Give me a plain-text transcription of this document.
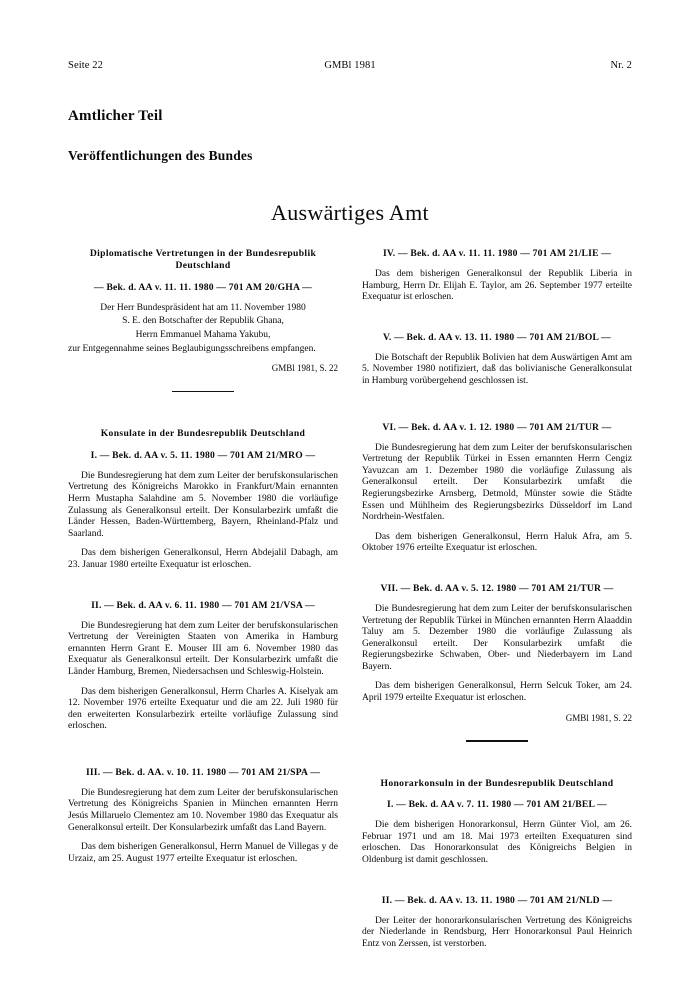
Seite 22	GMBl 1981	Nr. 2
Amtlicher Teil
Veröffentlichungen des Bundes
Auswärtiges Amt
Diplomatische Vertretungen in der Bundesrepublik Deutschland
— Bek. d. AA v. 11. 11. 1980 — 701 AM 20/GHA —

Der Herr Bundespräsident hat am 11. November 1980

S. E. den Botschafter der Republik Ghana,

Herrn Emmanuel Mahama Yakubu,

zur Entgegennahme seines Beglaubigungsschreibens empfangen.

GMBl 1981, S. 22

Konsulate in der Bundesrepublik Deutschland
I. — Bek. d. AA v. 5. 11. 1980 — 701 AM 21/MRO —

Die Bundesregierung hat dem zum Leiter der berufskonsularischen Vertretung des Königreichs Marokko in Frankfurt/Main ernannten Herrn Mustapha Salahdine am 5. November 1980 die vorläufige Zulassung als Generalkonsul erteilt. Der Konsularbezirk umfaßt die Länder Hessen, Baden-Württemberg, Bayern, Rheinland-Pfalz und Saarland.

Das dem bisherigen Generalkonsul, Herrn Abdejalil Dabagh, am 23. Januar 1980 erteilte Exequatur ist erloschen.

II. — Bek. d. AA v. 6. 11. 1980 — 701 AM 21/VSA —

Die Bundesregierung hat dem zum Leiter der berufskonsularischen Vertretung der Vereinigten Staaten von Amerika in Hamburg ernannten Herrn Grant E. Mouser III am 6. November 1980 das Exequatur als Generalkonsul erteilt. Der Konsularbezirk umfaßt die Länder Hamburg, Bremen, Niedersachsen und Schleswig-Holstein.

Das dem bisherigen Generalkonsul, Herrn Charles A. Kiselyak am 12. November 1976 erteilte Exequatur und die am 22. Juli 1980 für den erweiterten Konsularbezirk erteilte vorläufige Zulassung sind erloschen.

III. — Bek. d. AA. v. 10. 11. 1980 — 701 AM 21/SPA —

Die Bundesregierung hat dem zum Leiter der berufskonsularischen Vertretung des Königreichs Spanien in München ernannten Herrn Jesús Millaruelo Clementez am 10. November 1980 das Exequatur als Generalkonsul erteilt. Der Konsularbezirk umfaßt das Land Bayern.

Das dem bisherigen Generalkonsul, Herrn Manuel de Villegas y de Urzaiz, am 25. August 1977 erteilte Exequatur ist erloschen.

IV. — Bek. d. AA v. 11. 11. 1980 — 701 AM 21/LIE —

Das dem bisherigen Generalkonsul der Republik Liberia in Hamburg, Herrn Dr. Elijah E. Taylor, am 26. September 1977 erteilte Exequatur ist erloschen.

V. — Bek. d. AA v. 13. 11. 1980 — 701 AM 21/BOL —

Die Botschaft der Republik Bolivien hat dem Auswärtigen Amt am 5. November 1980 notifiziert, daß das bolivianische Generalkonsulat in Hamburg vorübergehend geschlossen ist.

VI. — Bek. d. AA v. 1. 12. 1980 — 701 AM 21/TUR —

Die Bundesregierung hat dem zum Leiter der berufskonsularischen Vertretung der Republik Türkei in Essen ernannten Herrn Cengiz Yavuzcan am 1. Dezember 1980 die vorläufige Zulassung als Generalkonsul erteilt. Der Konsularbezirk umfaßt die Regierungsbezirke Arnsberg, Detmold, Münster sowie die Städte Essen und Mühlheim des Regierungsbezirks Düsseldorf im Land Nordrhein-Westfalen.

Das dem bisherigen Generalkonsul, Herrn Haluk Afra, am 5. Oktober 1976 erteilte Exequatur ist erloschen.

VII. — Bek. d. AA v. 5. 12. 1980 — 701 AM 21/TUR —

Die Bundesregierung hat dem zum Leiter der berufskonsularischen Vertretung der Republik Türkei in München ernannten Herrn Alaaddin Taluy am 5. Dezember 1980 die vorläufige Zulassung als Generalkonsul erteilt. Der Konsularbezirk umfaßt die Regierungsbezirke Schwaben, Ober- und Niederbayern im Land Bayern.

Das dem bisherigen Generalkonsul, Herrn Selcuk Toker, am 24. April 1979 erteilte Exequatur ist erloschen.

GMBl 1981, S. 22

Honorarkonsuln in der Bundesrepublik Deutschland
I. — Bek. d. AA v. 7. 11. 1980 — 701 AM 21/BEL —

Die dem bisherigen Honorarkonsul, Herrn Günter Viol, am 26. Februar 1971 und am 18. Mai 1973 erteilten Exequaturen sind erloschen. Das Honorarkonsulat des Königreichs Belgien in Oldenburg ist damit geschlossen.

II. — Bek. d. AA v. 13. 11. 1980 — 701 AM 21/NLD —

Der Leiter der honorarkonsularischen Vertretung des Königreichs der Niederlande in Rendsburg, Herr Honorarkonsul Paul Heinrich Entz von Zerssen, ist verstorben.
